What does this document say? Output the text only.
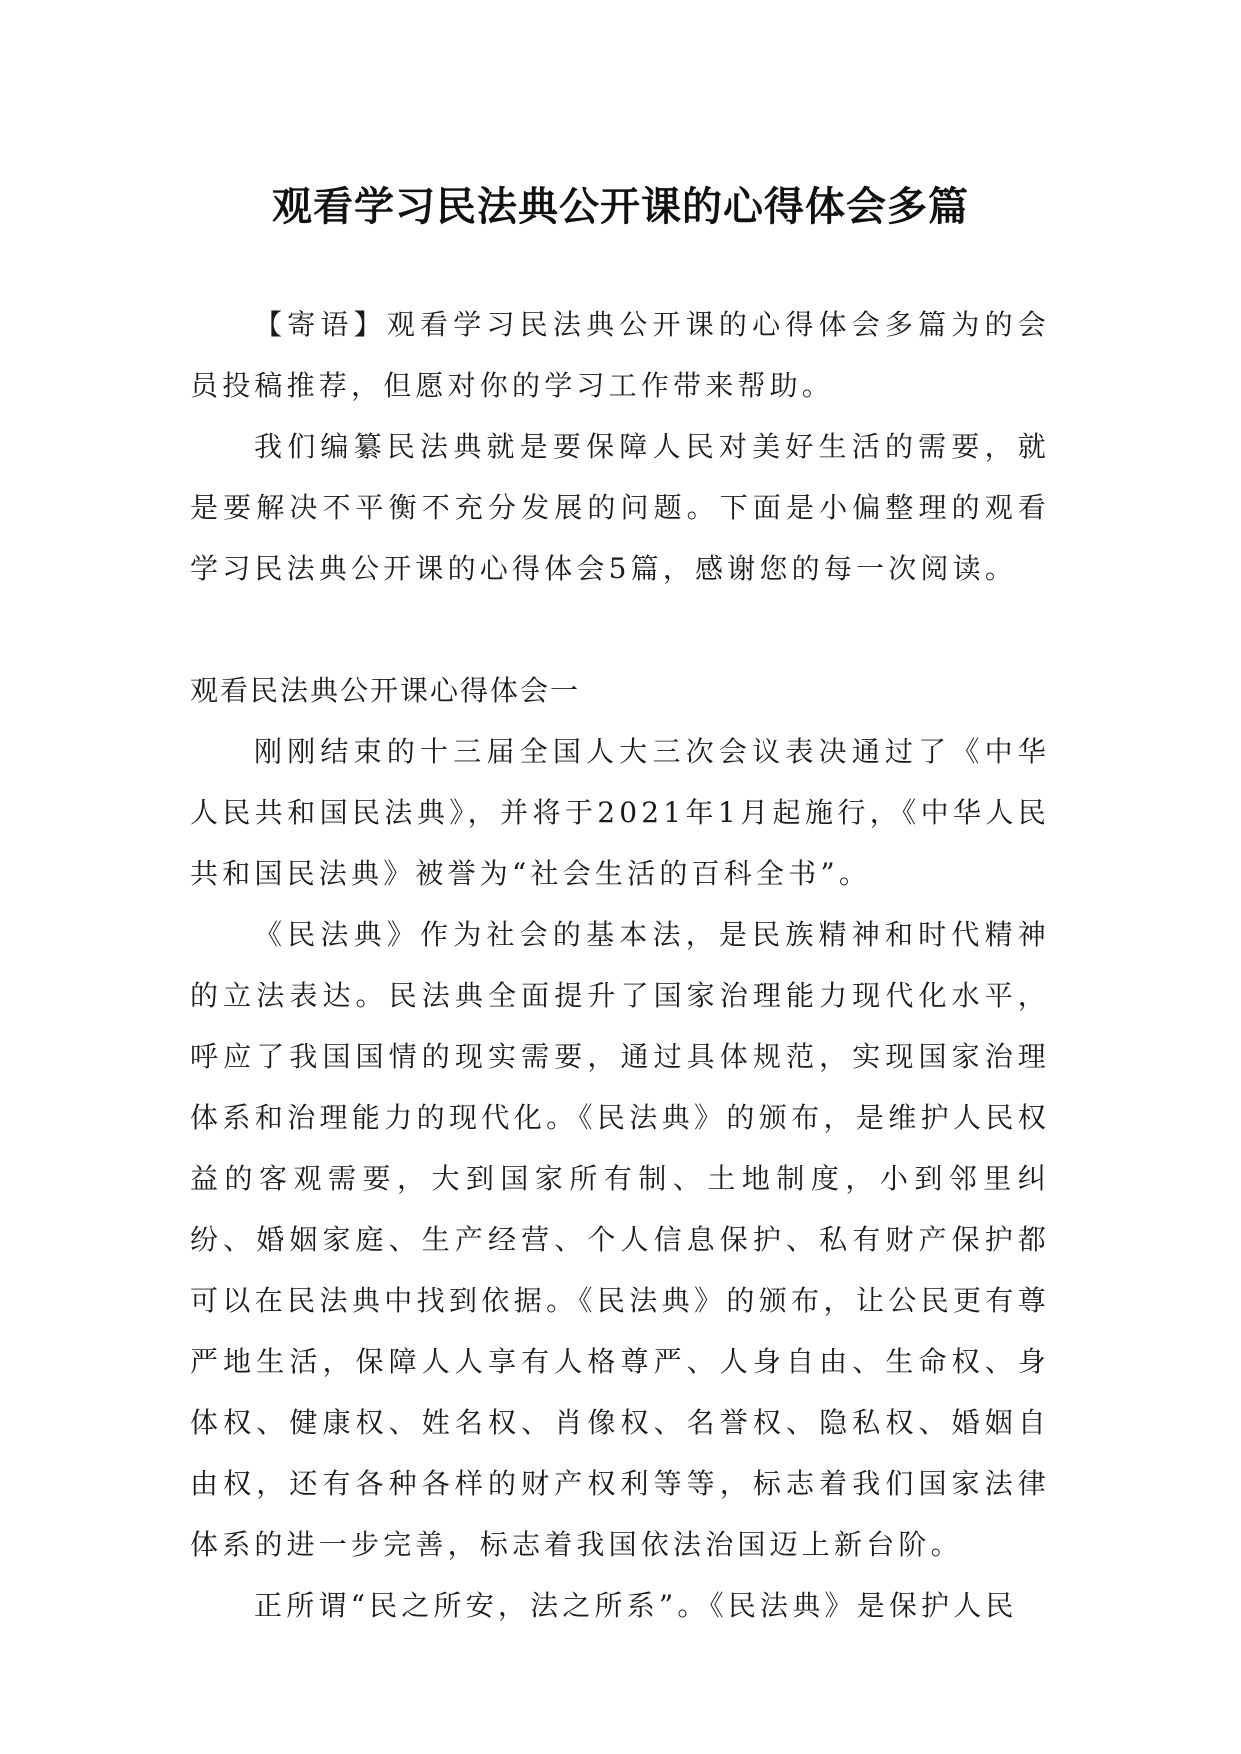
观看学习民法典公开课的心得体会多篇

【寄语】观看学习民法典公开课的心得体会多篇为的会员投稿推荐，但愿对你的学习工作带来帮助。

我们编纂民法典就是要保障人民对美好生活的需要，就是要解决不平衡不充分发展的问题。下面是小偏整理的观看学习民法典公开课的心得体会5篇，感谢您的每一次阅读。

观看民法典公开课心得体会一

刚刚结束的十三届全国人大三次会议表决通过了《中华人民共和国民法典》，并将于2021年1月起施行，《中华人民共和国民法典》被誉为“社会生活的百科全书”。

《民法典》作为社会的基本法，是民族精神和时代精神的立法表达。民法典全面提升了国家治理能力现代化水平，呼应了我国国情的现实需要，通过具体规范，实现国家治理体系和治理能力的现代化。《民法典》的颁布，是维护人民权益的客观需要，大到国家所有制、土地制度，小到邻里纠纷、婚姻家庭、生产经营、个人信息保护、私有财产保护都可以在民法典中找到依据。《民法典》的颁布，让公民更有尊严地生活，保障人人享有人格尊严、人身自由、生命权、身体权、健康权、姓名权、肖像权、名誉权、隐私权、婚姻自由权，还有各种各样的财产权利等等，标志着我们国家法律体系的进一步完善，标志着我国依法治国迈上新台阶。

正所谓“民之所安，法之所系”。《民法典》是保护人民
